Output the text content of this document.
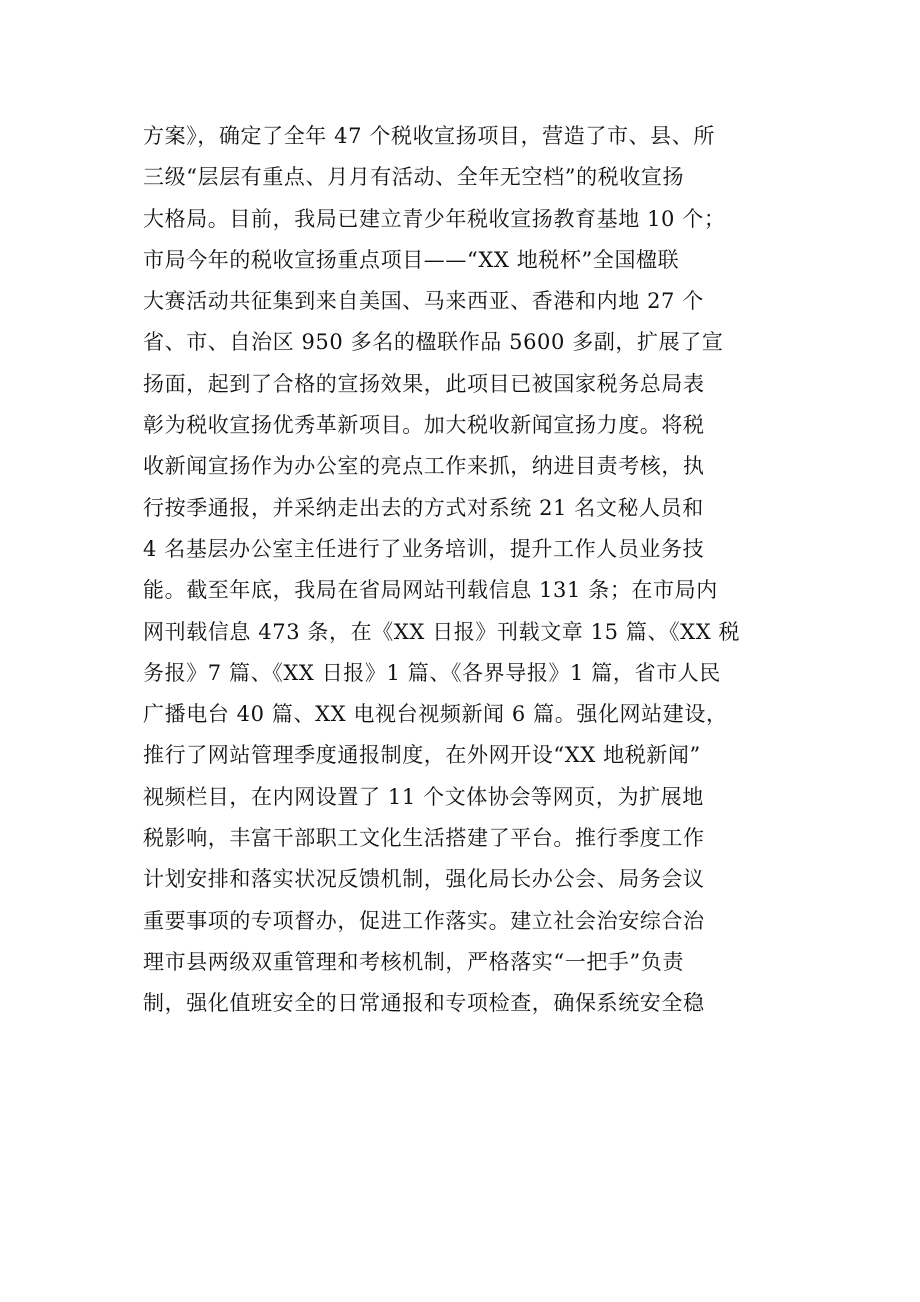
方案》，确定了全年 47 个税收宣扬项目，营造了市、县、所
三级“层层有重点、月月有活动、全年无空档”的税收宣扬
大格局。目前，我局已建立青少年税收宣扬教育基地 10 个；
市局今年的税收宣扬重点项目——“XX 地税杯”全国楹联
大赛活动共征集到来自美国、马来西亚、香港和内地 27 个
省、市、自治区 950 多名的楹联作品 5600 多副，扩展了宣
扬面，起到了合格的宣扬效果，此项目已被国家税务总局表
彰为税收宣扬优秀革新项目。加大税收新闻宣扬力度。将税
收新闻宣扬作为办公室的亮点工作来抓，纳进目责考核，执
行按季通报，并采纳走出去的方式对系统 21 名文秘人员和
4 名基层办公室主任进行了业务培训，提升工作人员业务技
能。截至年底，我局在省局网站刊载信息 131 条；在市局内
网刊载信息 473 条，在《XX 日报》刊载文章 15 篇、《XX 税
务报》7 篇、《XX 日报》1 篇、《各界导报》1 篇，省市人民
广播电台 40 篇、XX 电视台视频新闻 6 篇。强化网站建设，
推行了网站管理季度通报制度，在外网开设“XX 地税新闻”
视频栏目，在内网设置了 11 个文体协会等网页，为扩展地
税影响，丰富干部职工文化生活搭建了平台。推行季度工作
计划安排和落实状况反馈机制，强化局长办公会、局务会议
重要事项的专项督办，促进工作落实。建立社会治安综合治
理市县两级双重管理和考核机制，严格落实“一把手”负责
制，强化值班安全的日常通报和专项检查，确保系统安全稳
